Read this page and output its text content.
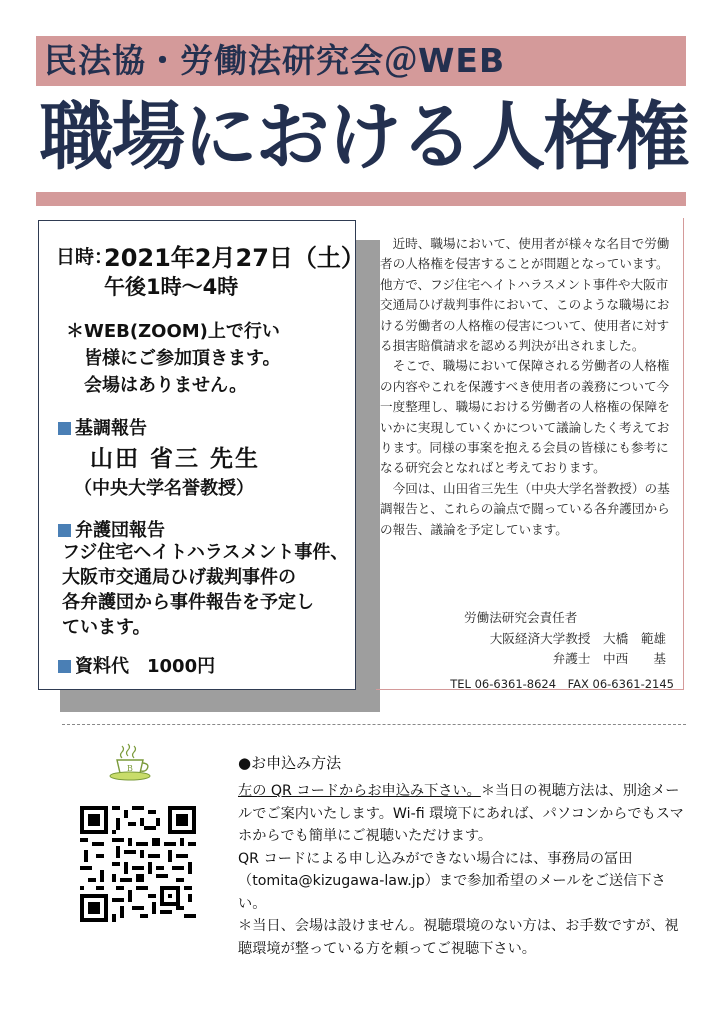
民法協・労働法研究会＠WEB
職場における人格権
日時：
2021年2月27日（土）
午後1時〜4時
＊WEB(ZOOM)上で行い
　皆様にご参加頂きます。
　会場はありません。
基調報告
山田 省三 先生
（中央大学名誉教授）
弁護団報告
フジ住宅ヘイトハラスメント事件、
大阪市交通局ひげ裁判事件の
各弁護団から事件報告を予定し
ています。
資料代　1000円

近時、職場において、使用者が様々な名目で労働者の人格権を侵害することが問題となっています。他方で、フジ住宅ヘイトハラスメント事件や大阪市交通局ひげ裁判事件において、このような職場における労働者の人格権の侵害について、使用者に対する損害賠償請求を認める判決が出されました。

そこで、職場において保障される労働者の人格権の内容やこれを保護すべき使用者の義務について今一度整理し、職場における労働者の人格権の保障をいかに実現していくかについて議論したく考えております。同様の事案を抱える会員の皆様にも参考になる研究会となればと考えております。

今回は、山田省三先生（中央大学名誉教授）の基調報告と、これらの論点で闘っている各弁護団からの報告、議論を予定しています。

労働法研究会責任者
大阪経済大学教授　大橋　範雄
弁護士　中西　　基
TEL 06-6361-8624　FAX 06-6361-2145
B	●お申込み方法

左の QR コードからお申込み下さい。＊当日の視聴方法は、別途メールでご案内いたします。Wi-fi 環境下にあれば、パソコンからでもスマホからでも簡単にご視聴いただけます。

QR コードによる申し込みができない場合には、事務局の冨田（tomita@kizugawa-law.jp）まで参加希望のメールをご送信下さい。

＊当日、会場は設けません。視聴環境のない方は、お手数ですが、視聴環境が整っている方を頼ってご視聴下さい。
